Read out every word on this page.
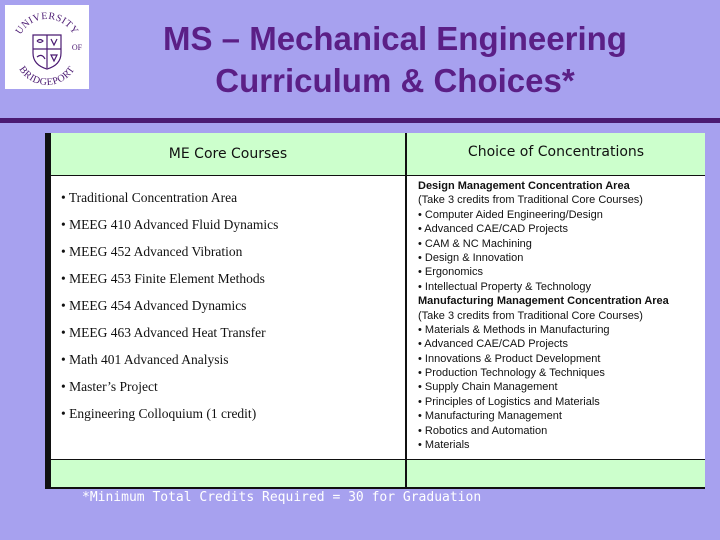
UNIVERSITY
BRIDGEPORT
OF	MS – Mechanical Engineering
Curriculum & Choices*
ME Core Courses	Choice of Concentrations
• Traditional Concentration Area
• MEEG 410 Advanced Fluid Dynamics
• MEEG 452 Advanced Vibration
• MEEG 453 Finite Element Methods
• MEEG 454 Advanced Dynamics
• MEEG 463 Advanced Heat Transfer
• Math 401 Advanced Analysis
• Master’s Project
• Engineering Colloquium (1 credit)
Design Management Concentration Area
(Take 3 credits from Traditional Core Courses)
• Computer Aided Engineering/Design
• Advanced CAE/CAD Projects
• CAM & NC Machining
• Design & Innovation
• Ergonomics
• Intellectual Property & Technology
Manufacturing Management Concentration Area
(Take 3 credits from Traditional Core Courses)
• Materials & Methods in Manufacturing
• Advanced CAE/CAD Projects
• Innovations & Product Development
• Production Technology & Techniques
• Supply Chain Management
• Principles of Logistics and Materials
• Manufacturing Management
• Robotics and Automation
• Materials
*Minimum Total Credits Required = 30 for Graduation
